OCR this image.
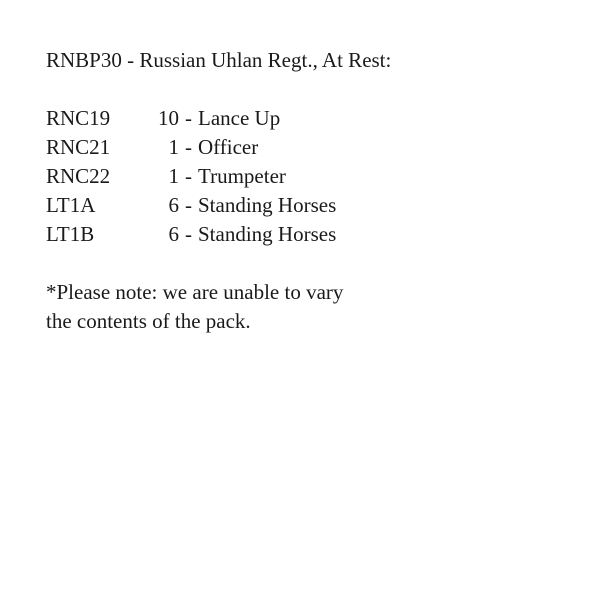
RNBP30 - Russian Uhlan Regt., At Rest:
RNC19	10 - Lance Up
RNC21	1 - Officer
RNC22	1 - Trumpeter
LT1A	6 - Standing Horses
LT1B	6 - Standing Horses
*Please note: we are unable to vary the contents of the pack.
